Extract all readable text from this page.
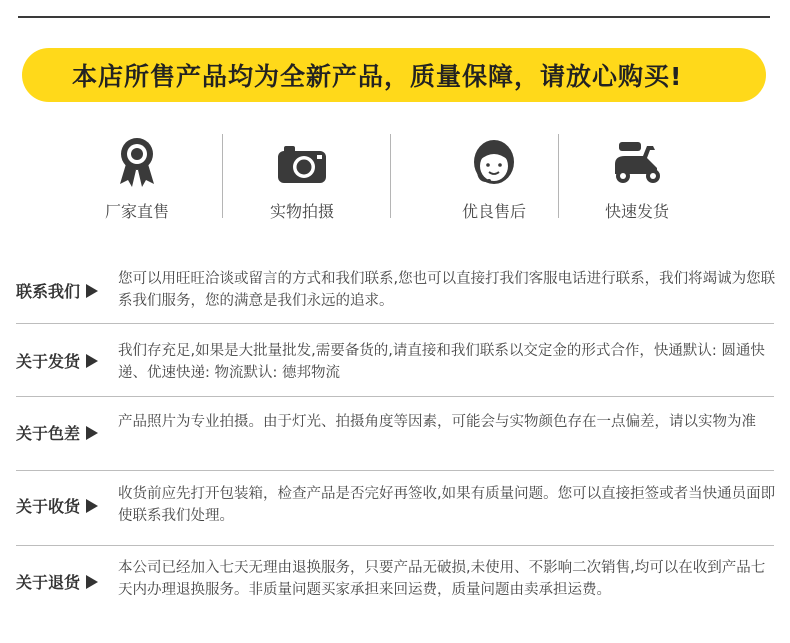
本店所售产品均为全新产品，质量保障，请放心购买!
厂家直售	实物拍摄	优良售后	快速发货
联系我们
您可以用旺旺洽谈或留言的方式和我们联系,您也可以直接打我们客服电话进行联系，我们将竭诚为您联系我们服务，您的满意是我们永远的追求。
关于发货
我们存充足,如果是大批量批发,需要备货的,请直接和我们联系以交定金的形式合作，快通默认: 圆通快递、优速快递: 物流默认: 德邦物流
关于色差
产品照片为专业拍摄。由于灯光、拍摄角度等因素，可能会与实物颜色存在一点偏差，请以实物为准
关于收货
收货前应先打开包装箱，检查产品是否完好再签收,如果有质量问题。您可以直接拒签或者当快通员面即使联系我们处理。
关于退货
本公司已经加入七天无理由退换服务，只要产品无破损,未使用、不影响二次销售,均可以在收到产品七天内办理退换服务。非质量问题买家承担来回运费，质量问题由卖承担运费。
